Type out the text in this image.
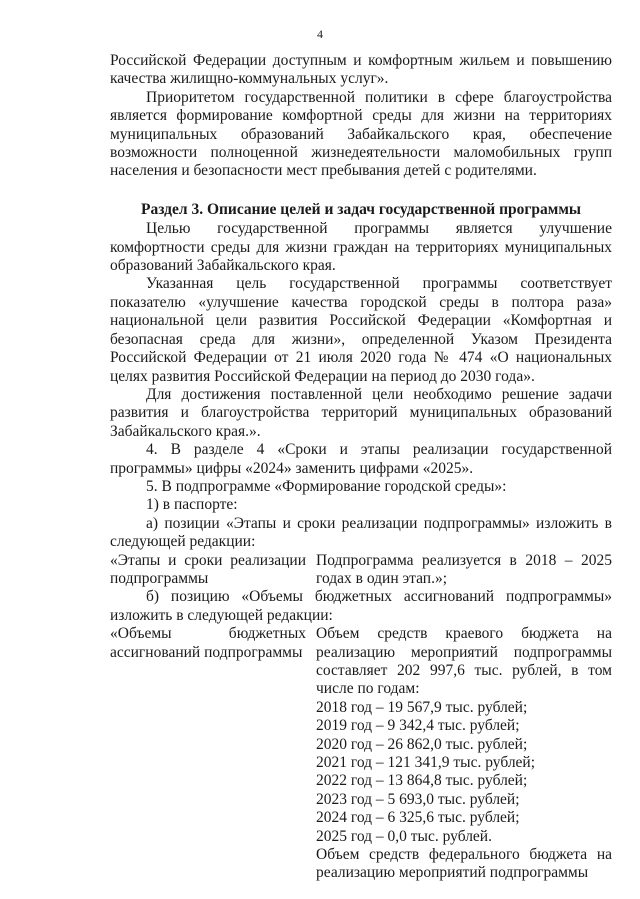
4

Российской Федерации доступным и комфортным жильем и повышению качества жилищно-коммунальных услуг».

Приоритетом государственной политики в сфере благоустройства является формирование комфортной среды для жизни на территориях муниципальных образований Забайкальского края, обеспечение возможности полноценной жизнедеятельности маломобильных групп населения и безопасности мест пребывания детей с родителями.

Раздел 3. Описание целей и задач государственной программы

Целью государственной программы является улучшение комфортности среды для жизни граждан на территориях муниципальных образований Забайкальского края.

Указанная цель государственной программы соответствует показателю «улучшение качества городской среды в полтора раза» национальной цели развития Российской Федерации «Комфортная и безопасная среда для жизни», определенной Указом Президента Российской Федерации от 21 июля 2020 года № 474 «О национальных целях развития Российской Федерации на период до 2030 года».

Для достижения поставленной цели необходимо решение задачи развития и благоустройства территорий муниципальных образований Забайкальского края.».

4. В разделе 4 «Сроки и этапы реализации государственной программы» цифры «2024» заменить цифрами «2025».

5. В подпрограмме «Формирование городской среды»:

1) в паспорте:

а) позиции «Этапы и сроки реализации подпрограммы» изложить в следующей редакции:

«Этапы и сроки реализации подпрограммы
Подпрограмма реализуется в 2018 – 2025 годах в один этап.»;

б) позицию «Объемы бюджетных ассигнований подпрограммы» изложить в следующей редакции:

«Объемы бюджетных ассигнований подпрограммы
Объем средств краевого бюджета на реализацию мероприятий подпрограммы составляет 202 997,6 тыс. рублей, в том числе по годам:
2018 год – 19 567,9 тыс. рублей;
2019 год – 9 342,4 тыс. рублей;
2020 год – 26 862,0 тыс. рублей;
2021 год – 121 341,9 тыс. рублей;
2022 год – 13 864,8 тыс. рублей;
2023 год – 5 693,0 тыс. рублей;
2024 год – 6 325,6 тыс. рублей;
2025 год – 0,0 тыс. рублей.
Объем средств федерального бюджета на реализацию мероприятий подпрограммы
